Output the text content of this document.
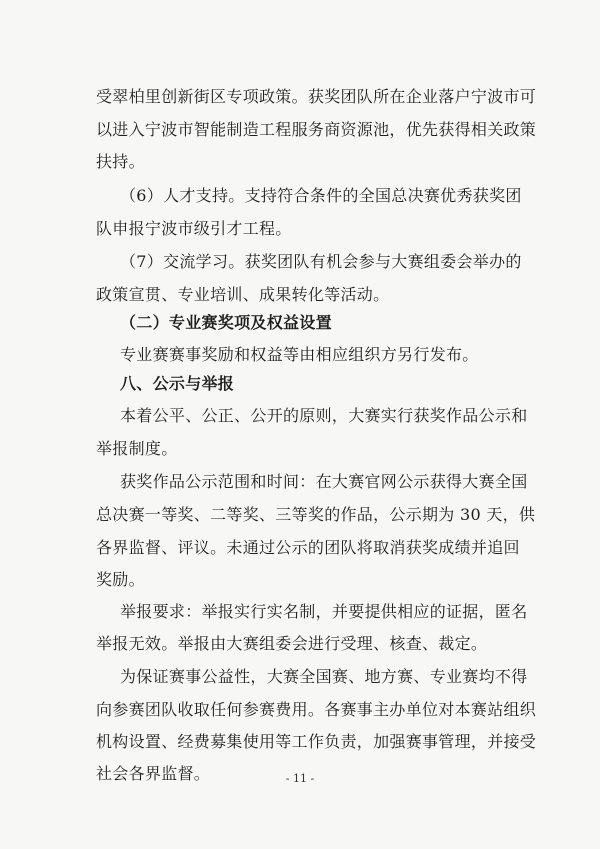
受翠柏里创新街区专项政策。获奖团队所在企业落户宁波市可
以进入宁波市智能制造工程服务商资源池，优先获得相关政策
扶持。
（6）人才支持。支持符合条件的全国总决赛优秀获奖团
队申报宁波市级引才工程。
（7）交流学习。获奖团队有机会参与大赛组委会举办的
政策宣贯、专业培训、成果转化等活动。
（二）专业赛奖项及权益设置
专业赛赛事奖励和权益等由相应组织方另行发布。
八、公示与举报
本着公平、公正、公开的原则，大赛实行获奖作品公示和
举报制度。
获奖作品公示范围和时间：在大赛官网公示获得大赛全国
总决赛一等奖、二等奖、三等奖的作品，公示期为 30 天，供
各界监督、评议。未通过公示的团队将取消获奖成绩并追回
奖励。
举报要求：举报实行实名制，并要提供相应的证据，匿名
举报无效。举报由大赛组委会进行受理、核查、裁定。
为保证赛事公益性，大赛全国赛、地方赛、专业赛均不得
向参赛团队收取任何参赛费用。各赛事主办单位对本赛站组织
机构设置、经费募集使用等工作负责，加强赛事管理，并接受
社会各界监督。	- 11 -
